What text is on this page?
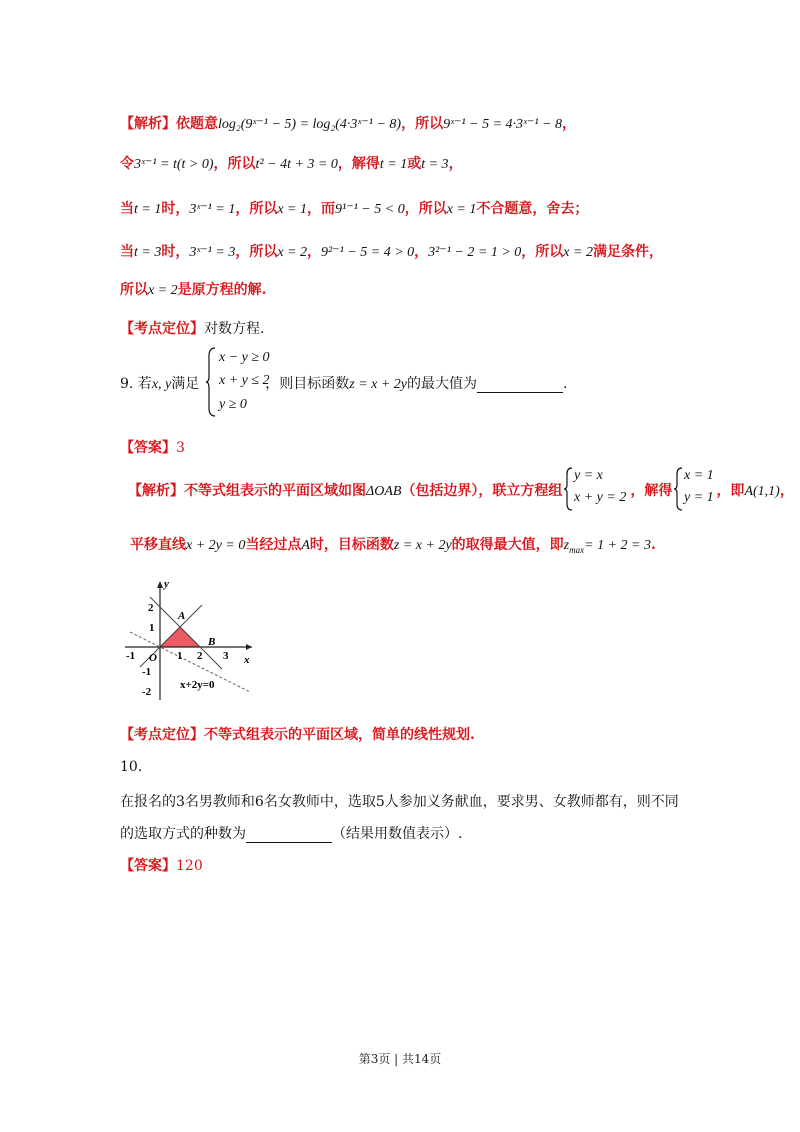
【解析】依题意log₂(9ˣ⁻¹ − 5) = log₂(4·3ˣ⁻¹ − 8)，所以9ˣ⁻¹ − 5 = 4·3ˣ⁻¹ − 8，
令3ˣ⁻¹ = t(t > 0)，所以t² − 4t + 3 = 0，解得t = 1或t = 3，
当t = 1时，3ˣ⁻¹ = 1，所以x = 1，而9¹⁻¹ − 5 < 0，所以x = 1不合题意，舍去；
当t = 3时，3ˣ⁻¹ = 3，所以x = 2，9²⁻¹ − 5 = 4 > 0，3²⁻¹ − 2 = 1 > 0，所以x = 2满足条件，
所以x = 2是原方程的解.
【考点定位】对数方程.
9. 若x, y满足	，则目标函数z = x + 2y的最大值为	.
x − y ≥ 0
x + y ≤ 2
y ≥ 0
【答案】3
【解析】不等式组表示的平面区域如图ΔOAB（包括边界），联立方程组	，解得	，即A(1,1)，
y = x
x + y = 2
x = 1
y = 1
平移直线x + 2y = 0当经过点A时，目标函数z = x + 2y的取得最大值，即$z_{max}= 1 + 2 = 3$.
y
x
O
A
B
-1	1 2 3
2
1
-1
-2
x+2y=0
【考点定位】不等式组表示的平面区域，简单的线性规划.
10.
在报名的3名男教师和6名女教师中，选取5人参加义务献血，要求男、女教师都有，则不同
的选取方式的种数为	（结果用数值表示）.
【答案】120
第3页 | 共14页
